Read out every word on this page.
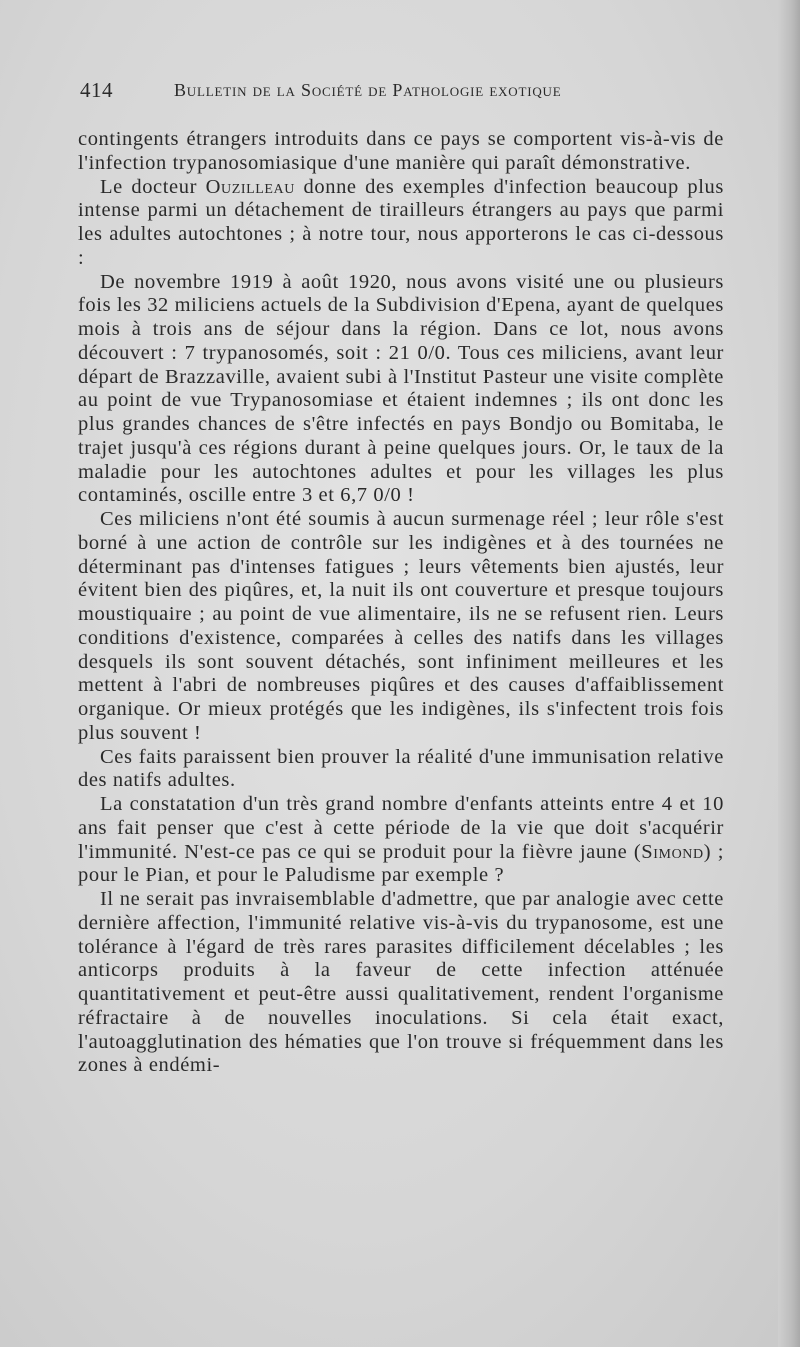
414	Bulletin de la Société de Pathologie exotique

contingents étrangers introduits dans ce pays se comportent vis-à-vis de l'infection trypanosomiasique d'une manière qui paraît démonstrative.

Le docteur Ouzilleau donne des exemples d'infection beaucoup plus intense parmi un détachement de tirailleurs étrangers au pays que parmi les adultes autochtones ; à notre tour, nous apporterons le cas ci-dessous :

De novembre 1919 à août 1920, nous avons visité une ou plusieurs fois les 32 miliciens actuels de la Subdivision d'Epena, ayant de quelques mois à trois ans de séjour dans la région. Dans ce lot, nous avons découvert : 7 trypanosomés, soit : 21 0/0. Tous ces miliciens, avant leur départ de Brazzaville, avaient subi à l'Institut Pasteur une visite complète au point de vue Trypanosomiase et étaient indemnes ; ils ont donc les plus grandes chances de s'être infectés en pays Bondjo ou Bomitaba, le trajet jusqu'à ces régions durant à peine quelques jours. Or, le taux de la maladie pour les autochtones adultes et pour les villages les plus contaminés, oscille entre 3 et 6,7 0/0 !

Ces miliciens n'ont été soumis à aucun surmenage réel ; leur rôle s'est borné à une action de contrôle sur les indigènes et à des tournées ne déterminant pas d'intenses fatigues ; leurs vêtements bien ajustés, leur évitent bien des piqûres, et, la nuit ils ont couverture et presque toujours moustiquaire ; au point de vue alimentaire, ils ne se refusent rien. Leurs conditions d'existence, comparées à celles des natifs dans les villages desquels ils sont souvent détachés, sont infiniment meilleures et les mettent à l'abri de nombreuses piqûres et des causes d'affaiblissement organique. Or mieux protégés que les indigènes, ils s'infectent trois fois plus souvent !

Ces faits paraissent bien prouver la réalité d'une immunisation relative des natifs adultes.

La constatation d'un très grand nombre d'enfants atteints entre 4 et 10 ans fait penser que c'est à cette période de la vie que doit s'acquérir l'immunité. N'est-ce pas ce qui se produit pour la fièvre jaune (Simond) ; pour le Pian, et pour le Paludisme par exemple ?

Il ne serait pas invraisemblable d'admettre, que par analogie avec cette dernière affection, l'immunité relative vis-à-vis du trypanosome, est une tolérance à l'égard de très rares parasites difficilement décelables ; les anticorps produits à la faveur de cette infection atténuée quantitativement et peut-être aussi qualitativement, rendent l'organisme réfractaire à de nouvelles inoculations. Si cela était exact, l'autoagglutination des hématies que l'on trouve si fréquemment dans les zones à endémi-
